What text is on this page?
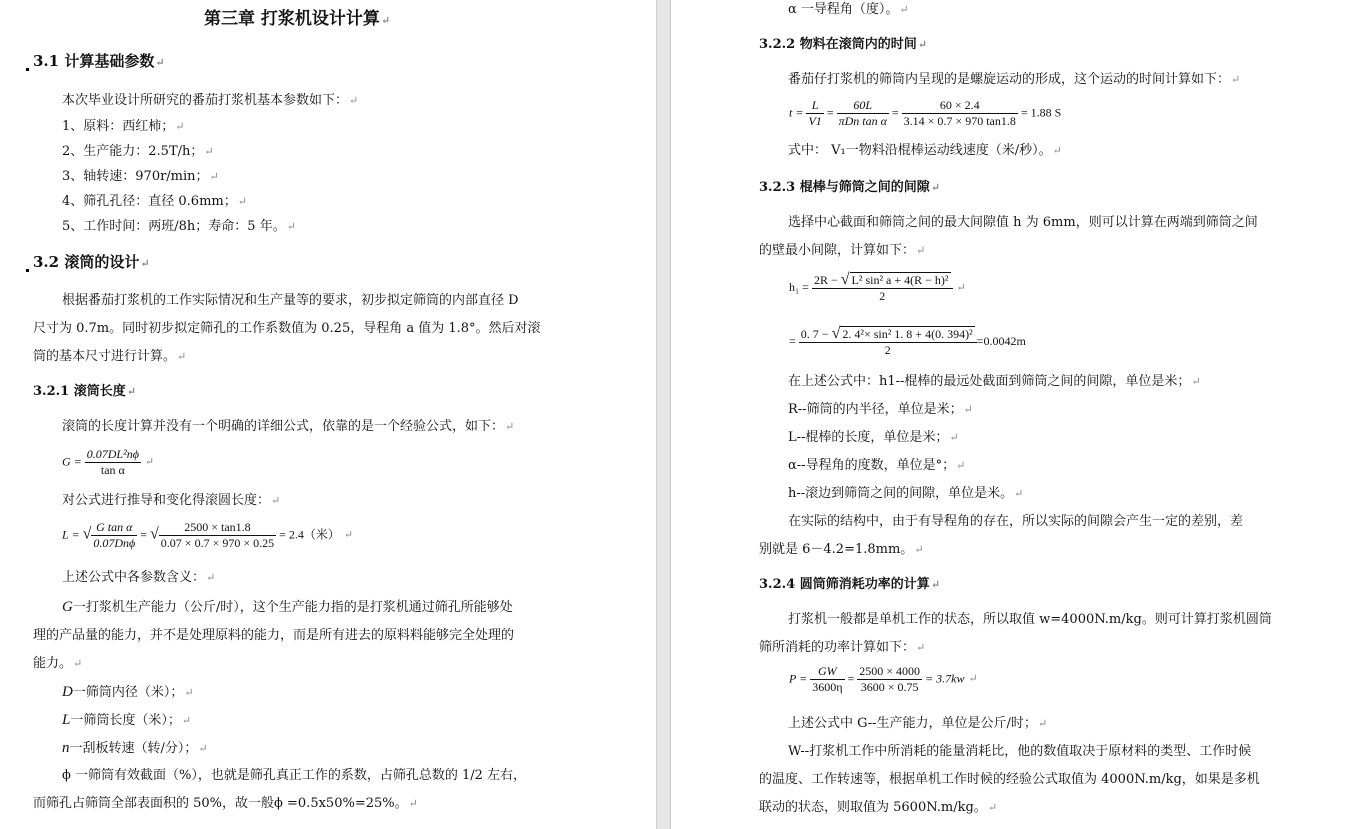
第三章 打浆机设计计算↵
3.1 计算基础参数↵
本次毕业设计所研究的番茄打浆机基本参数如下：↵
1、原料：西红柿；↵
2、生产能力：2.5T/h；↵
3、轴转速：970r/min；↵
4、筛孔孔径：直径 0.6mm；↵
5、工作时间：两班/8h；寿命：5 年。↵
3.2 滚筒的设计↵
根据番茄打浆机的工作实际情况和生产量等的要求，初步拟定筛筒的内部直径 D
尺寸为 0.7m。同时初步拟定筛孔的工作系数值为 0.25，导程角 a 值为 1.8°。然后对滚
筒的基本尺寸进行计算。↵
3.2.1 滚筒长度↵
滚筒的长度计算并没有一个明确的详细公式，依靠的是一个经验公式，如下：↵
$G = \frac{\text{0.07DL²nϕ}}{\text{tan α}}$ ↵
对公式进行推导和变化得滚圆长度：↵
L = √ $\frac{\text{G tan α}}{\text{0.07Dnϕ}}$ = √ $\frac{2500 \times \tan 1.8}{0.07 \times 0.7 \times 970 \times 0.25} = 2.4$（米） ↵
上述公式中各参数含义：↵
G一打浆机生产能力（公斤/时），这个生产能力指的是打浆机通过筛孔所能够处
理的产品量的能力，并不是处理原料的能力，而是所有进去的原料料能够完全处理的
能力。↵
D一筛筒内径（米）；↵
L一筛筒长度（米）；↵
n一刮板转速（转/分）；↵
ϕ 一筛筒有效截面（%），也就是筛孔真正工作的系数，占筛孔总数的 1/2 左右，
而筛孔占筛筒全部表面积的 50%，故一般ϕ =0.5x50%=25%。↵
α 一导程角（度）。↵
3.2.2 物料在滚筒内的时间↵
番茄仔打浆机的筛筒内呈现的是螺旋运动的形成，这个运动的时间计算如下：↵
$t = \frac{L}{V1} = \frac{60L}{\text{πDn tan α}} = \frac{60 \times 2.4}{3.14 \times 0.7 \times 970 \tan 1.8} = 1.88$ S
式中： V₁一物料沿棍棒运动线速度（米/秒）。↵
3.2.3 棍棒与筛筒之间的间隙↵
选择中心截面和筛筒之间的最大间隙值 h 为 6mm，则可以计算在两端到筛筒之间
的壁最小间隙，计算如下：↵
$h_1 = \frac{\text{2R − √ L² sin² a + 4(R − h)²}}{2}$ ↵
= $\frac{\text{0. 7 − √ 2. 4²× sin² 1. 8 + 4(0. 394)²}}{2} =0.0042m$
在上述公式中：h1--棍棒的最远处截面到筛筒之间的间隙，单位是米；↵
R--筛筒的内半径，单位是米；↵
L--棍棒的长度，单位是米；↵
α--导程角的度数，单位是°；↵
h--滚边到筛筒之间的间隙，单位是米。↵
在实际的结构中，由于有导程角的存在，所以实际的间隙会产生一定的差别，差
别就是 6－4.2=1.8mm。↵
3.2.4 圆筒筛消耗功率的计算↵
打浆机一般都是单机工作的状态，所以取值 w=4000N.m/kg。则可计算打浆机圆筒
筛所消耗的功率计算如下：↵
$P = \frac{GW}{3600\eta} = \frac{2500 \times 4000}{3600 \times 0.75} = 3.7kw$ ↵
上述公式中 G--生产能力，单位是公斤/时；↵
W--打浆机工作中所消耗的能量消耗比，他的数值取决于原材料的类型、工作时候
的温度、工作转速等，根据单机工作时候的经验公式取值为 4000N.m/kg，如果是多机
联动的状态，则取值为 5600N.m/kg。↵
